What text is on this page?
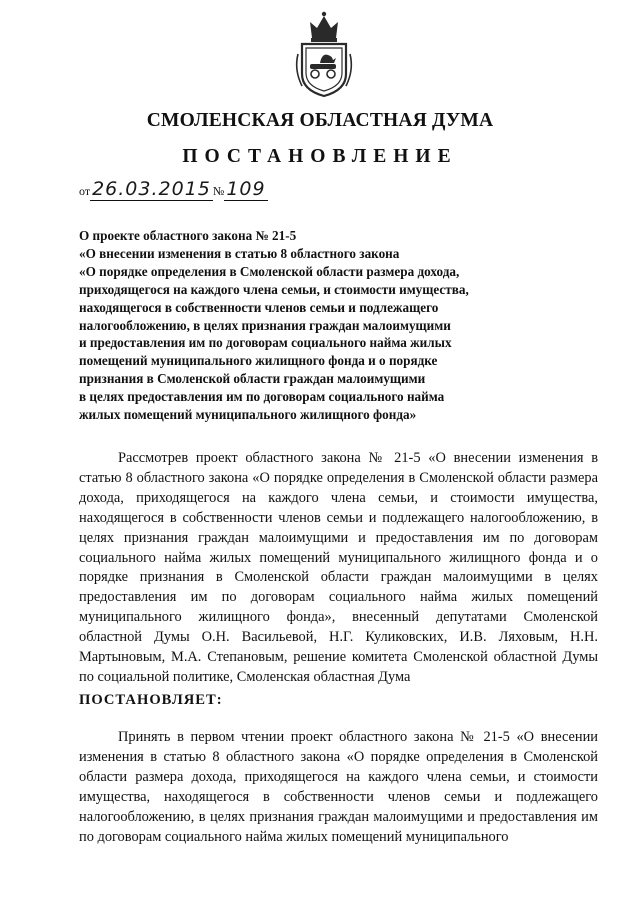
СМОЛЕНСКАЯ ОБЛАСТНАЯ ДУМА
ПОСТАНОВЛЕНИЕ
от 26.03.2015 № 109
О проекте областного закона № 21-5
«О внесении изменения в статью 8 областного закона
«О порядке определения в Смоленской области размера дохода,
приходящегося на каждого члена семьи, и стоимости имущества,
находящегося в собственности членов семьи и подлежащего
налогообложению, в целях признания граждан малоимущими
и предоставления им по договорам социального найма жилых
помещений муниципального жилищного фонда и о порядке
признания в Смоленской области граждан малоимущими
в целях предоставления им по договорам социального найма
жилых помещений муниципального жилищного фонда»

Рассмотрев проект областного закона № 21-5 «О внесении изменения в статью 8 областного закона «О порядке определения в Смоленской области размера дохода, приходящегося на каждого члена семьи, и стоимости имущества, находящегося в собственности членов семьи и подлежащего налогообложению, в целях признания граждан малоимущими и предоставления им по договорам социального найма жилых помещений муниципального жилищного фонда и о порядке признания в Смоленской области граждан малоимущими в целях предоставления им по договорам социального найма жилых помещений муниципального жилищного фонда», внесенный депутатами Смоленской областной Думы О.Н. Васильевой, Н.Г. Куликовских, И.В. Ляховым, Н.Н. Мартыновым, М.А. Степановым, решение комитета Смоленской областной Думы по социальной политике, Смоленская областная Дума

ПОСТАНОВЛЯЕТ:

Принять в первом чтении проект областного закона № 21-5 «О внесении изменения в статью 8 областного закона «О порядке определения в Смоленской области размера дохода, приходящегося на каждого члена семьи, и стоимости имущества, находящегося в собственности членов семьи и подлежащего налогообложению, в целях признания граждан малоимущими и предоставления им по договорам социального найма жилых помещений муниципального
